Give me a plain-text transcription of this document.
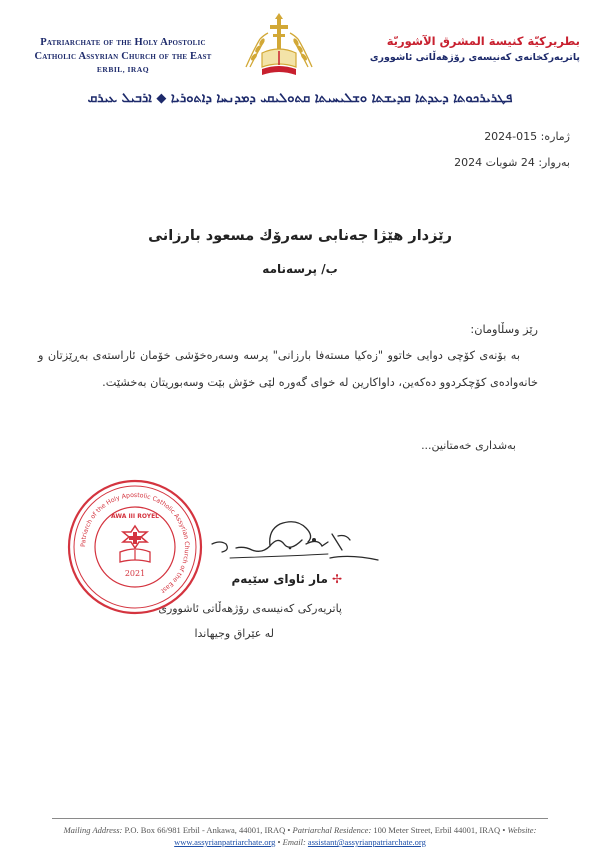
Patriarchate of the Holy Apostolic
Catholic Assyrian Church of the East
ERBIL, IRAQ
بطريركيّة كنيسة المشرق الآشوريّة
پاتریەرکخانەی کەنیسەی رۆژهەڵاتی ئاشووری
ܦܛܪܝܪܟܘܬܐ ܕܥܕܬܐ ܩܕܝܫܬܐ ܘܫܠܝܚܝܬܐ ܩܬܘܠܝܩܝ ܕܡܕܢܚܐ ܕܐܬܘܪܝܐ ◆ ܐܪܒܝܠ ܥܝܪܩ
ژمارە: 2024-015
بەروار: 24 شوبات 2024
رێزدار هێژا جەنابی سەرۆك مسعود بارزانی
ب/ پرسەنامە
رێز وسڵاومان:
به بۆنەی كۆچی دوایی خاتوو "زەكیا مستەفا بارزانی" پرسە وسەرەخۆشی خۆمان ئاراستەی بەڕێزتان و خانەوادەی كۆچكردوو دەكەین، داواكارین لە خوای گەورە لێی خۆش بێت وسەبوریتان بەخشێت.
بەشداری خەمتانین...
Patriarch of the Holy Apostolic Catholic Assyrian Church of the East
AWA III ROYEL
2021	✢مار ئاوای سێیەم
پاتریەركی كەنیسەی رۆژهەڵاتی ئاشووری
لە عێراق وجیهاندا
Mailing Address: P.O. Box 66/981 Erbil - Ankawa, 44001, IRAQ • Patriarchal Residence: 100 Meter Street, Erbil 44001, IRAQ • Website:
www.assyrianpatriarchate.org • Email: assistant@assyrianpatriarchate.org
